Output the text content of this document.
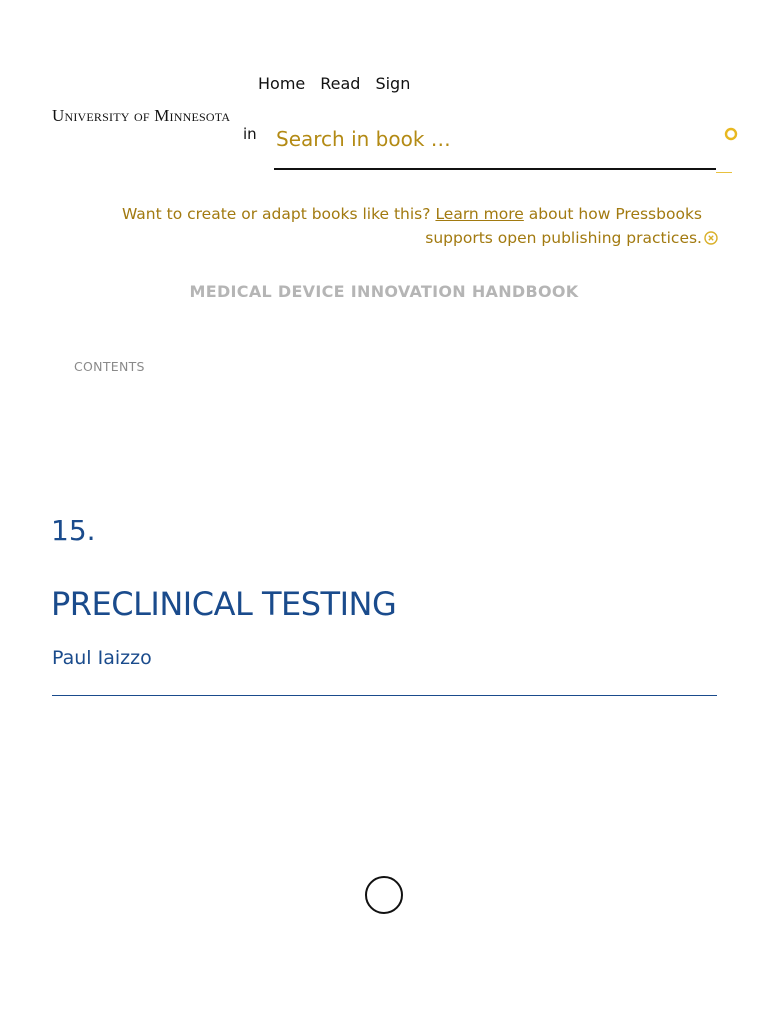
Home Read Sign
University of Minnesota
in
Search in book …
Want to create or adapt books like this? Learn more about how Pressbooks supports open publishing practices.
MEDICAL DEVICE INNOVATION HANDBOOK
CONTENTS
15.
PRECLINICAL TESTING
Paul Iaizzo
